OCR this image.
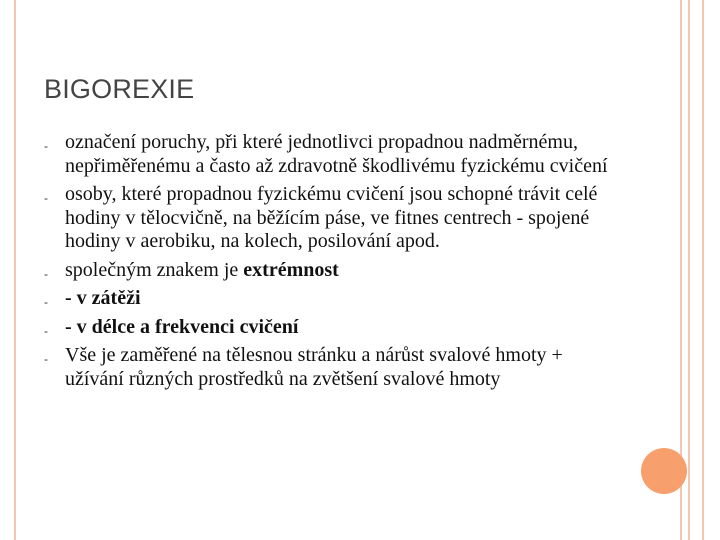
BIGOREXIE
- označení poruchy, při které jednotlivci propadnou nadměrnému, nepřiměřenému a často až zdravotně škodlivému fyzickému cvičení
- osoby, které propadnou fyzickému cvičení jsou schopné trávit celé hodiny v tělocvičně, na běžícím páse, ve fitnes centrech - spojené hodiny v aerobiku, na kolech, posilování apod.
- společným znakem je extrémnost
- - v zátěži
- - v délce a frekvenci cvičení
- Vše je zaměřené na tělesnou stránku a nárůst svalové hmoty + užívání různých prostředků na zvětšení svalové hmoty
